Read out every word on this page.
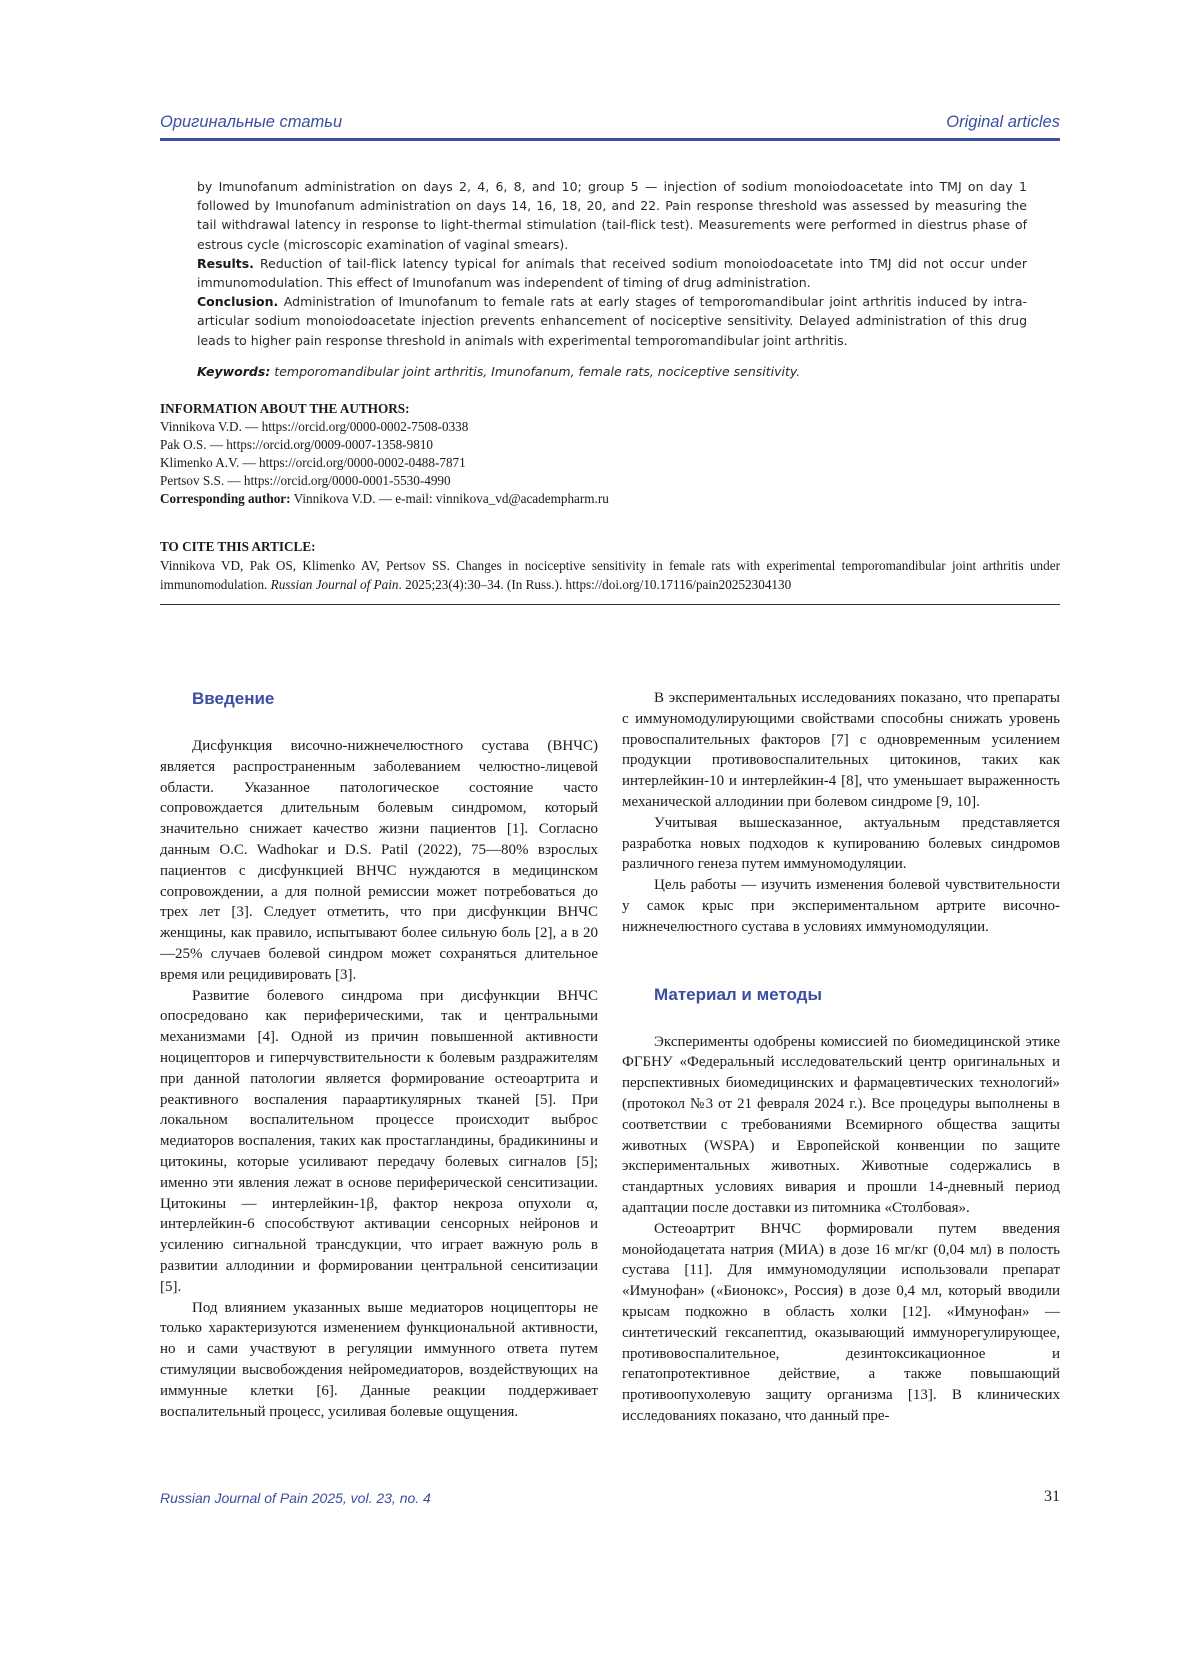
Оригинальные статьи	Original articles

by Imunofanum administration on days 2, 4, 6, 8, and 10; group 5 — injection of sodium monoiodoacetate into TMJ on day 1 followed by Imunofanum administration on days 14, 16, 18, 20, and 22. Pain response threshold was assessed by measuring the tail withdrawal latency in response to light-thermal stimulation (tail-flick test). Measurements were performed in diestrus phase of estrous cycle (microscopic examination of vaginal smears).

Results. Reduction of tail-flick latency typical for animals that received sodium monoiodoacetate into TMJ did not occur under immunomodulation. This effect of Imunofanum was independent of timing of drug administration.

Conclusion. Administration of Imunofanum to female rats at early stages of temporomandibular joint arthritis induced by intra-articular sodium monoiodoacetate injection prevents enhancement of nociceptive sensitivity. Delayed administration of this drug leads to higher pain response threshold in animals with experimental temporomandibular joint arthritis.

Keywords: temporomandibular joint arthritis, Imunofanum, female rats, nociceptive sensitivity.

INFORMATION ABOUT THE AUTHORS:
Vinnikova V.D. — https://orcid.org/0000-0002-7508-0338
Pak O.S. — https://orcid.org/0009-0007-1358-9810
Klimenko A.V. — https://orcid.org/0000-0002-0488-7871
Pertsov S.S. — https://orcid.org/0000-0001-5530-4990
Corresponding author: Vinnikova V.D. — e-mail: vinnikova_vd@academpharm.ru
TO CITE THIS ARTICLE:
Vinnikova VD, Pak OS, Klimenko AV, Pertsov SS. Changes in nociceptive sensitivity in female rats with experimental temporomandibular joint arthritis under immunomodulation. Russian Journal of Pain. 2025;23(4):30–34. (In Russ.). https://doi.org/10.17116/pain20252304130
Введение

Дисфункция височно-нижнечелюстного сустава (ВНЧС) является распространенным заболеванием челюстно-лицевой области. Указанное патологическое состояние часто сопровождается длительным болевым синдромом, который значительно снижает качество жизни пациентов [1]. Согласно данным O.C. Wadhokar и D.S. Patil (2022), 75—80% взрослых пациентов с дисфункцией ВНЧС нуждаются в медицинском сопровождении, а для полной ремиссии может потребоваться до трех лет [3]. Следует отметить, что при дисфункции ВНЧС женщины, как правило, испытывают более сильную боль [2], а в 20—25% случаев болевой синдром может сохраняться длительное время или рецидивировать [3].

Развитие болевого синдрома при дисфункции ВНЧС опосредовано как периферическими, так и центральными механизмами [4]. Одной из причин повышенной активности ноцицепторов и гиперчувствительности к болевым раздражителям при данной патологии является формирование остеоартрита и реактивного воспаления параартикулярных тканей [5]. При локальном воспалительном процессе происходит выброс медиаторов воспаления, таких как простагландины, брадикинины и цитокины, которые усиливают передачу болевых сигналов [5]; именно эти явления лежат в основе периферической сенситизации. Цитокины — интерлейкин-1β, фактор некроза опухоли α, интерлейкин-6 способствуют активации сенсорных нейронов и усилению сигнальной трансдукции, что играет важную роль в развитии аллодинии и формировании центральной сенситизации [5].

Под влиянием указанных выше медиаторов ноцицепторы не только характеризуются изменением функциональной активности, но и сами участвуют в регуляции иммунного ответа путем стимуляции высвобождения нейромедиаторов, воздействующих на иммунные клетки [6]. Данные реакции поддерживает воспалительный процесс, усиливая болевые ощущения.

В экспериментальных исследованиях показано, что препараты с иммуномодулирующими свойствами способны снижать уровень провоспалительных факторов [7] с одновременным усилением продукции противовоспалительных цитокинов, таких как интерлейкин-10 и интерлейкин-4 [8], что уменьшает выраженность механической аллодинии при болевом синдроме [9, 10].

Учитывая вышесказанное, актуальным представляется разработка новых подходов к купированию болевых синдромов различного генеза путем иммуномодуляции.

Цель работы — изучить изменения болевой чувствительности у самок крыс при экспериментальном артрите височно-нижнечелюстного сустава в условиях иммуномодуляции.

Материал и методы

Эксперименты одобрены комиссией по биомедицинской этике ФГБНУ «Федеральный исследовательский центр оригинальных и перспективных биомедицинских и фармацевтических технологий» (протокол №3 от 21 февраля 2024 г.). Все процедуры выполнены в соответствии с требованиями Всемирного общества защиты животных (WSPA) и Европейской конвенции по защите экспериментальных животных. Животные содержались в стандартных условиях вивария и прошли 14-дневный период адаптации после доставки из питомника «Столбовая».

Остеоартрит ВНЧС формировали путем введения монойодацетата натрия (МИА) в дозе 16 мг/кг (0,04 мл) в полость сустава [11]. Для иммуномодуляции использовали препарат «Имунофан» («Бионокс», Россия) в дозе 0,4 мл, который вводили крысам подкожно в область холки [12]. «Имунофан» — синтетический гексапептид, оказывающий иммунорегулирующее, противовоспалительное, дезинтоксикационное и гепатопротективное действие, а также повышающий противоопухолевую защиту организма [13]. В клинических исследованиях показано, что данный пре-

Russian Journal of Pain 2025, vol. 23, no. 4	31
